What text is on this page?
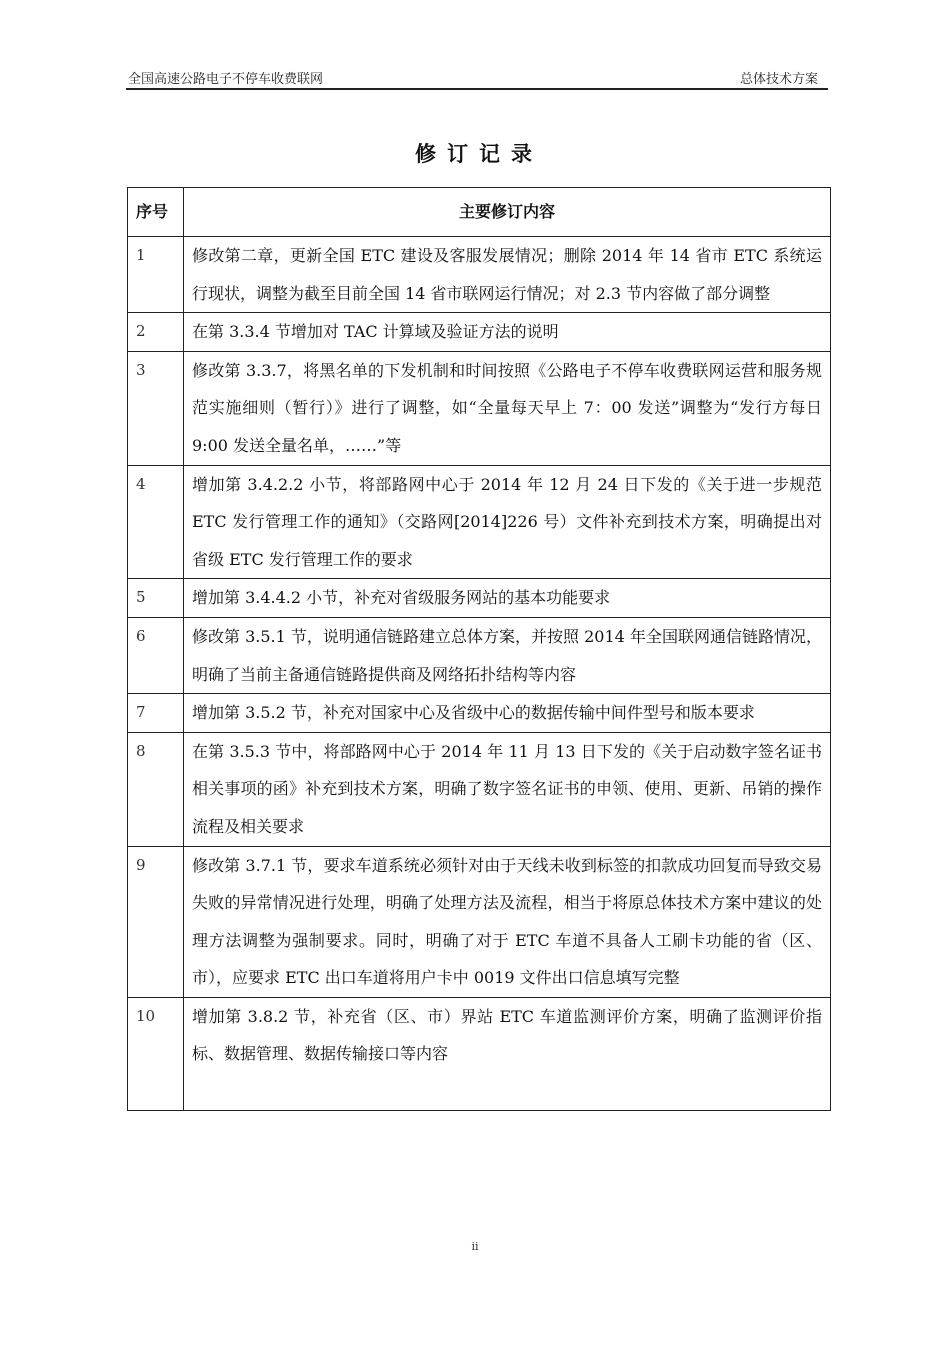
全国高速公路电子不停车收费联网	总体技术方案
修订记录
序号	主要修订内容
1	修改第二章，更新全国 ETC 建设及客服发展情况；删除 2014 年 14 省市 ETC 系统运行现状，调整为截至目前全国 14 省市联网运行情况；对 2.3 节内容做了部分调整
2	在第 3.3.4 节增加对 TAC 计算域及验证方法的说明
3	修改第 3.3.7，将黑名单的下发机制和时间按照《公路电子不停车收费联网运营和服务规范实施细则（暂行）》进行了调整，如“全量每天早上 7：00 发送”调整为“发行方每日 9:00 发送全量名单，……”等
4	增加第 3.4.2.2 小节，将部路网中心于 2014 年 12 月 24 日下发的《关于进一步规范 ETC 发行管理工作的通知》（交路网[2014]226 号）文件补充到技术方案，明确提出对省级 ETC 发行管理工作的要求
5	增加第 3.4.4.2 小节，补充对省级服务网站的基本功能要求
6	修改第 3.5.1 节，说明通信链路建立总体方案，并按照 2014 年全国联网通信链路情况，明确了当前主备通信链路提供商及网络拓扑结构等内容
7	增加第 3.5.2 节，补充对国家中心及省级中心的数据传输中间件型号和版本要求
8	在第 3.5.3 节中，将部路网中心于 2014 年 11 月 13 日下发的《关于启动数字签名证书相关事项的函》补充到技术方案，明确了数字签名证书的申领、使用、更新、吊销的操作流程及相关要求
9	修改第 3.7.1 节，要求车道系统必须针对由于天线未收到标签的扣款成功回复而导致交易失败的异常情况进行处理，明确了处理方法及流程，相当于将原总体技术方案中建议的处理方法调整为强制要求。同时，明确了对于 ETC 车道不具备人工刷卡功能的省（区、市），应要求 ETC 出口车道将用户卡中 0019 文件出口信息填写完整
10	增加第 3.8.2 节，补充省（区、市）界站 ETC 车道监测评价方案，明确了监测评价指标、数据管理、数据传输接口等内容
ii
